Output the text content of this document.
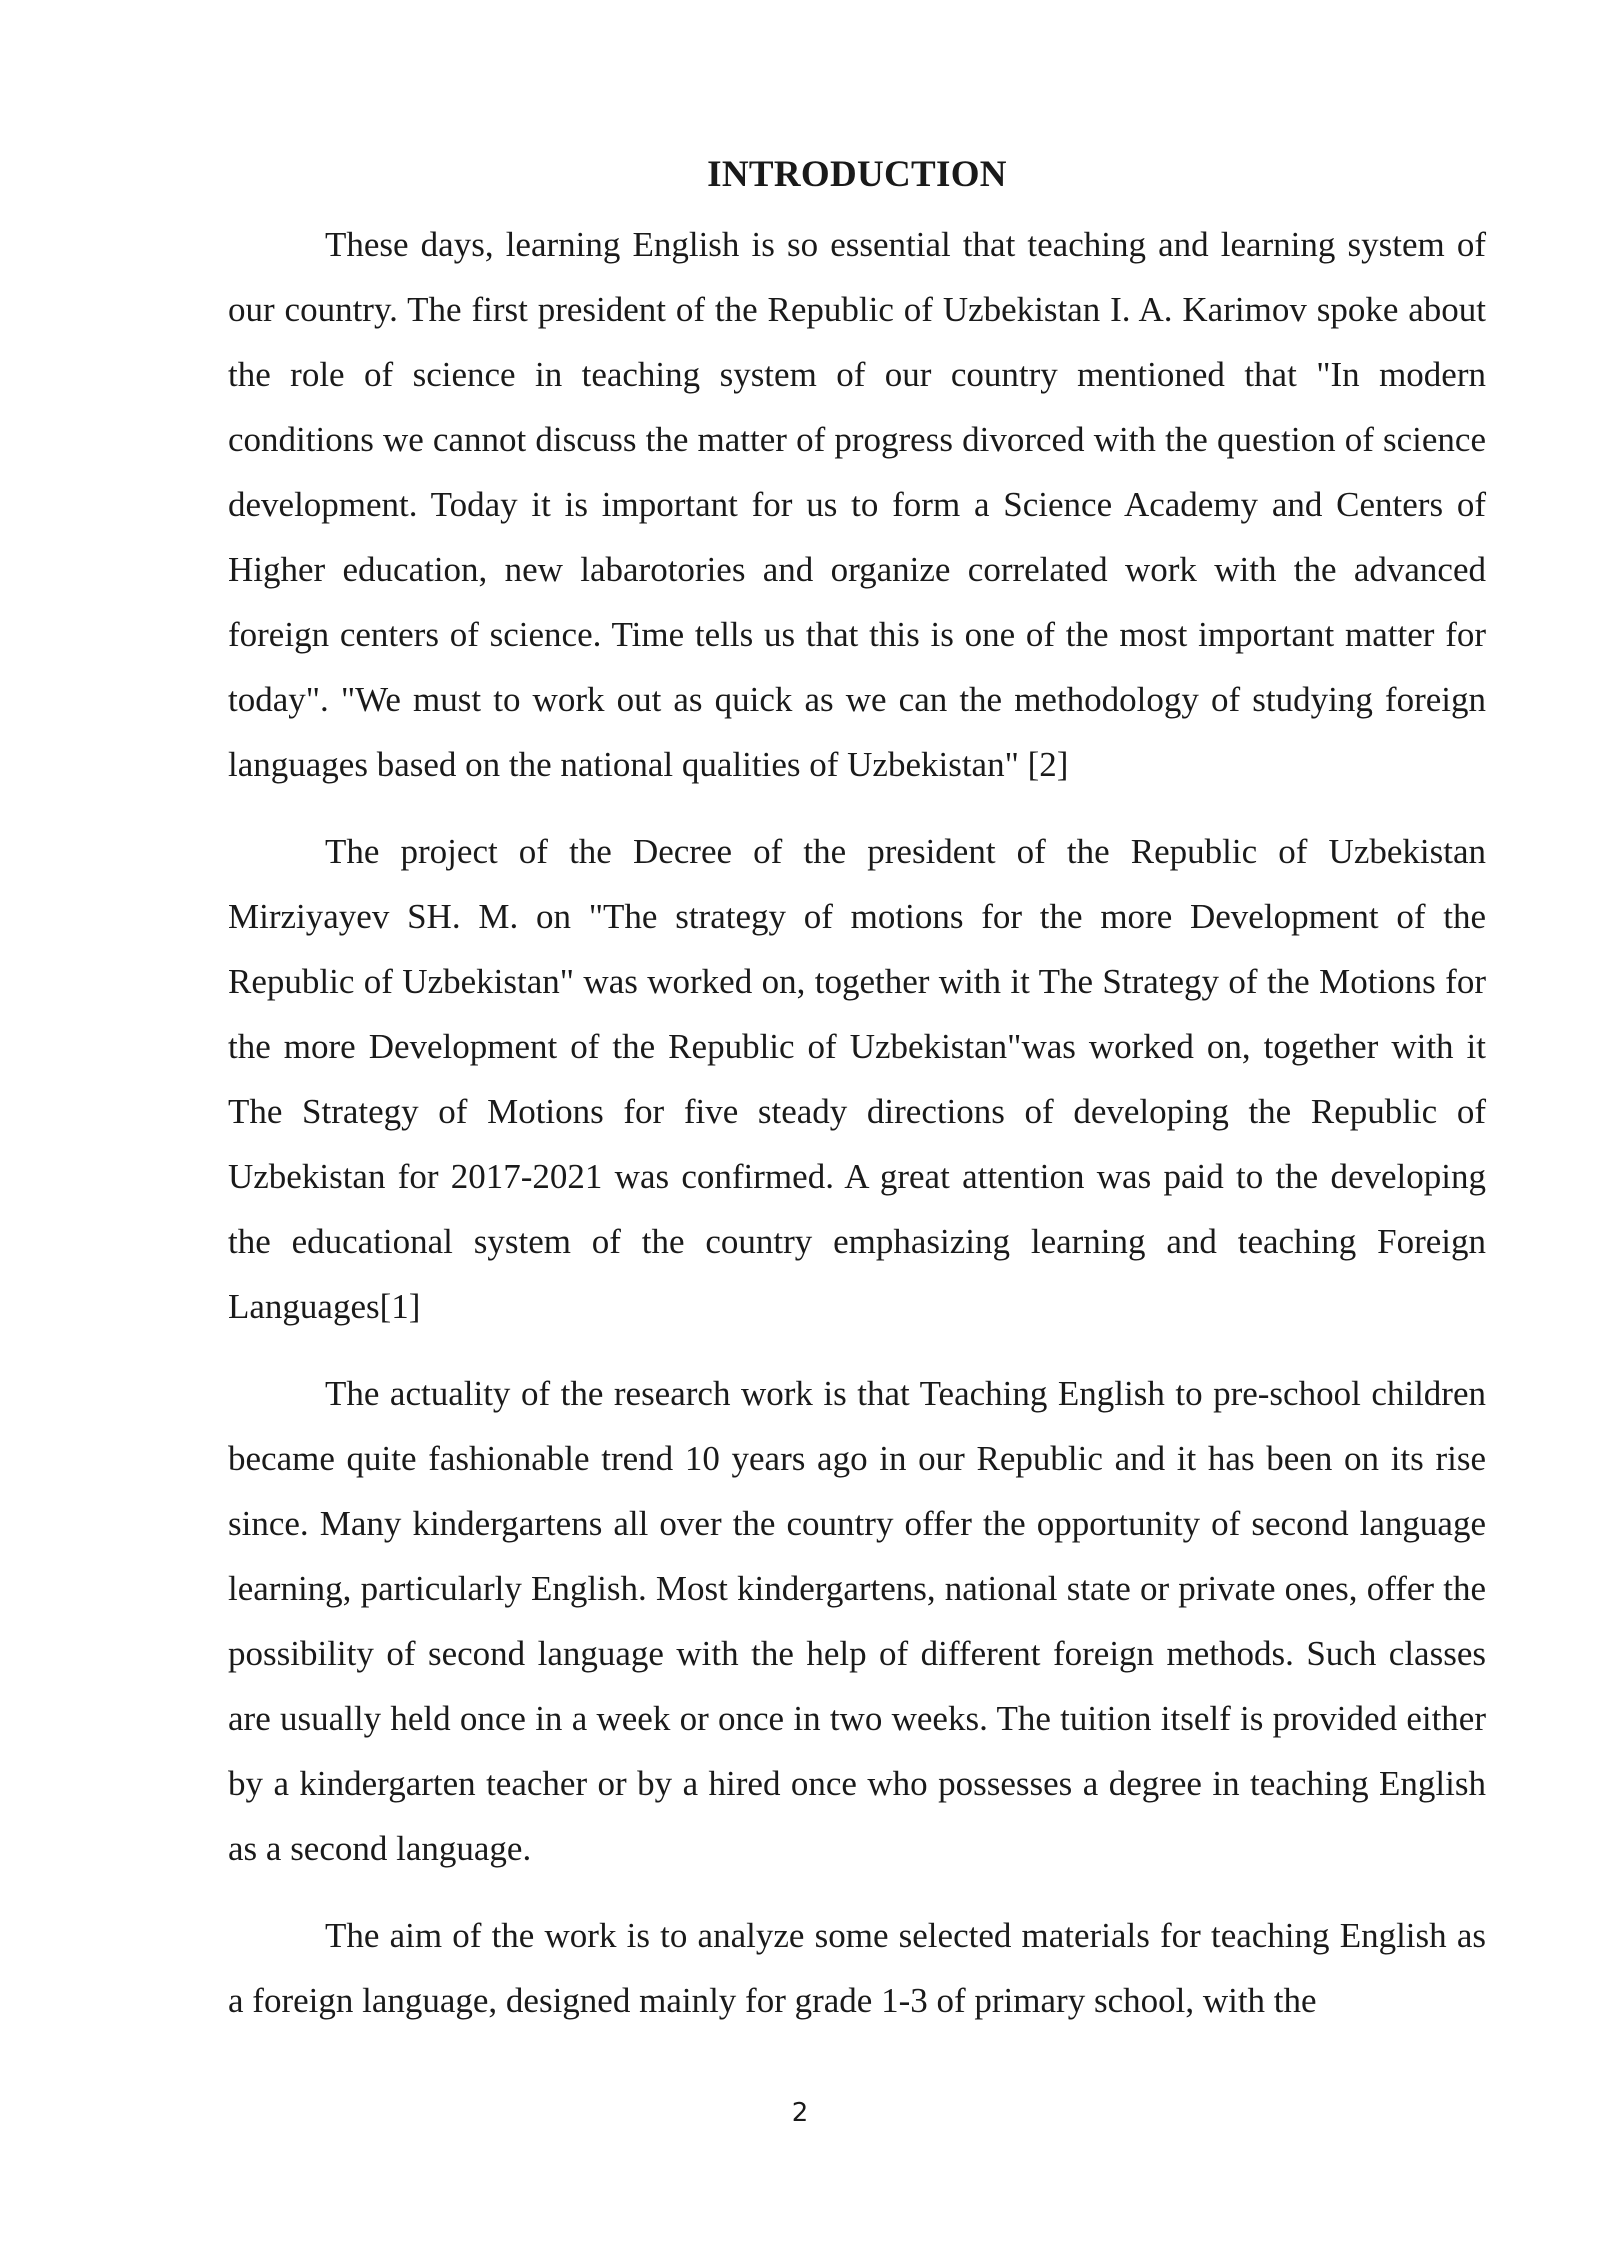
INTRODUCTION

These days, learning English is so essential that teaching and learning system of our country. The first president of the Republic of Uzbekistan I. A. Karimov spoke about the role of science in teaching system of our country mentioned that "In modern conditions we cannot discuss the matter of progress divorced with the question of science development. Today it is important for us to form a Science Academy and Centers of Higher education, new labarotories and organize correlated work with the advanced foreign centers of science. Time tells us that this is one of the most important matter for today". "We must to work out as quick as we can the methodology of studying foreign languages based on the national qualities of Uzbekistan" [2]

The project of the Decree of the president of the Republic of Uzbekistan Mirziyayev SH. M. on "The strategy of motions for the more Development of the Republic of Uzbekistan" was worked on, together with it The Strategy of the Motions for the more Development of the Republic of Uzbekistan"was worked on, together with it The Strategy of Motions for five steady directions of developing the Republic of Uzbekistan for 2017-2021 was confirmed. A great attention was paid to the developing the educational system of the country emphasizing learning and teaching Foreign Languages[1]

The actuality of the research work is that Teaching English to pre-school children became quite fashionable trend 10 years ago in our Republic and it has been on its rise since. Many kindergartens all over the country offer the opportunity of second language learning, particularly English. Most kindergartens, national state or private ones, offer the possibility of second language with the help of different foreign methods. Such classes are usually held once in a week or once in two weeks. The tuition itself is provided either by a kindergarten teacher or by a hired once who possesses a degree in teaching English as a second language.

The aim of the work is to analyze some selected materials for teaching English as a foreign language, designed mainly for grade 1-3 of primary school, with the

2
